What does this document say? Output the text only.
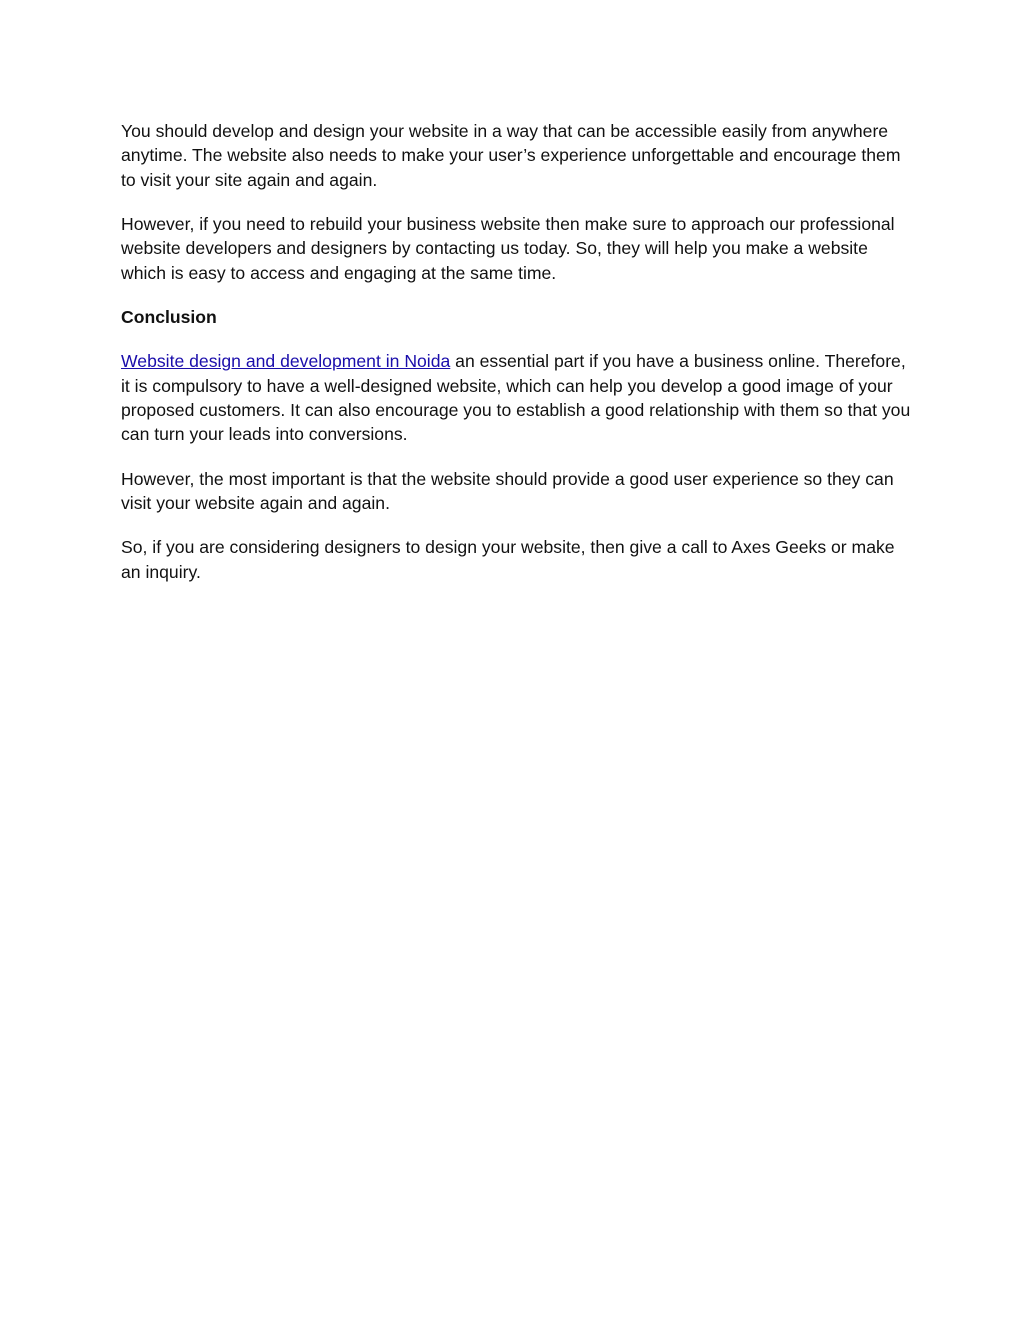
You should develop and design your website in a way that can be accessible easily from anywhere anytime. The website also needs to make your user’s experience unforgettable and encourage them to visit your site again and again.

However, if you need to rebuild your business website then make sure to approach our professional website developers and designers by contacting us today. So, they will help you make a website which is easy to access and engaging at the same time.

Conclusion

Website design and development in Noida an essential part if you have a business online. Therefore, it is compulsory to have a well-designed website, which can help you develop a good image of your proposed customers. It can also encourage you to establish a good relationship with them so that you can turn your leads into conversions.

However, the most important is that the website should provide a good user experience so they can visit your website again and again.

So, if you are considering designers to design your website, then give a call to Axes Geeks or make an inquiry.
